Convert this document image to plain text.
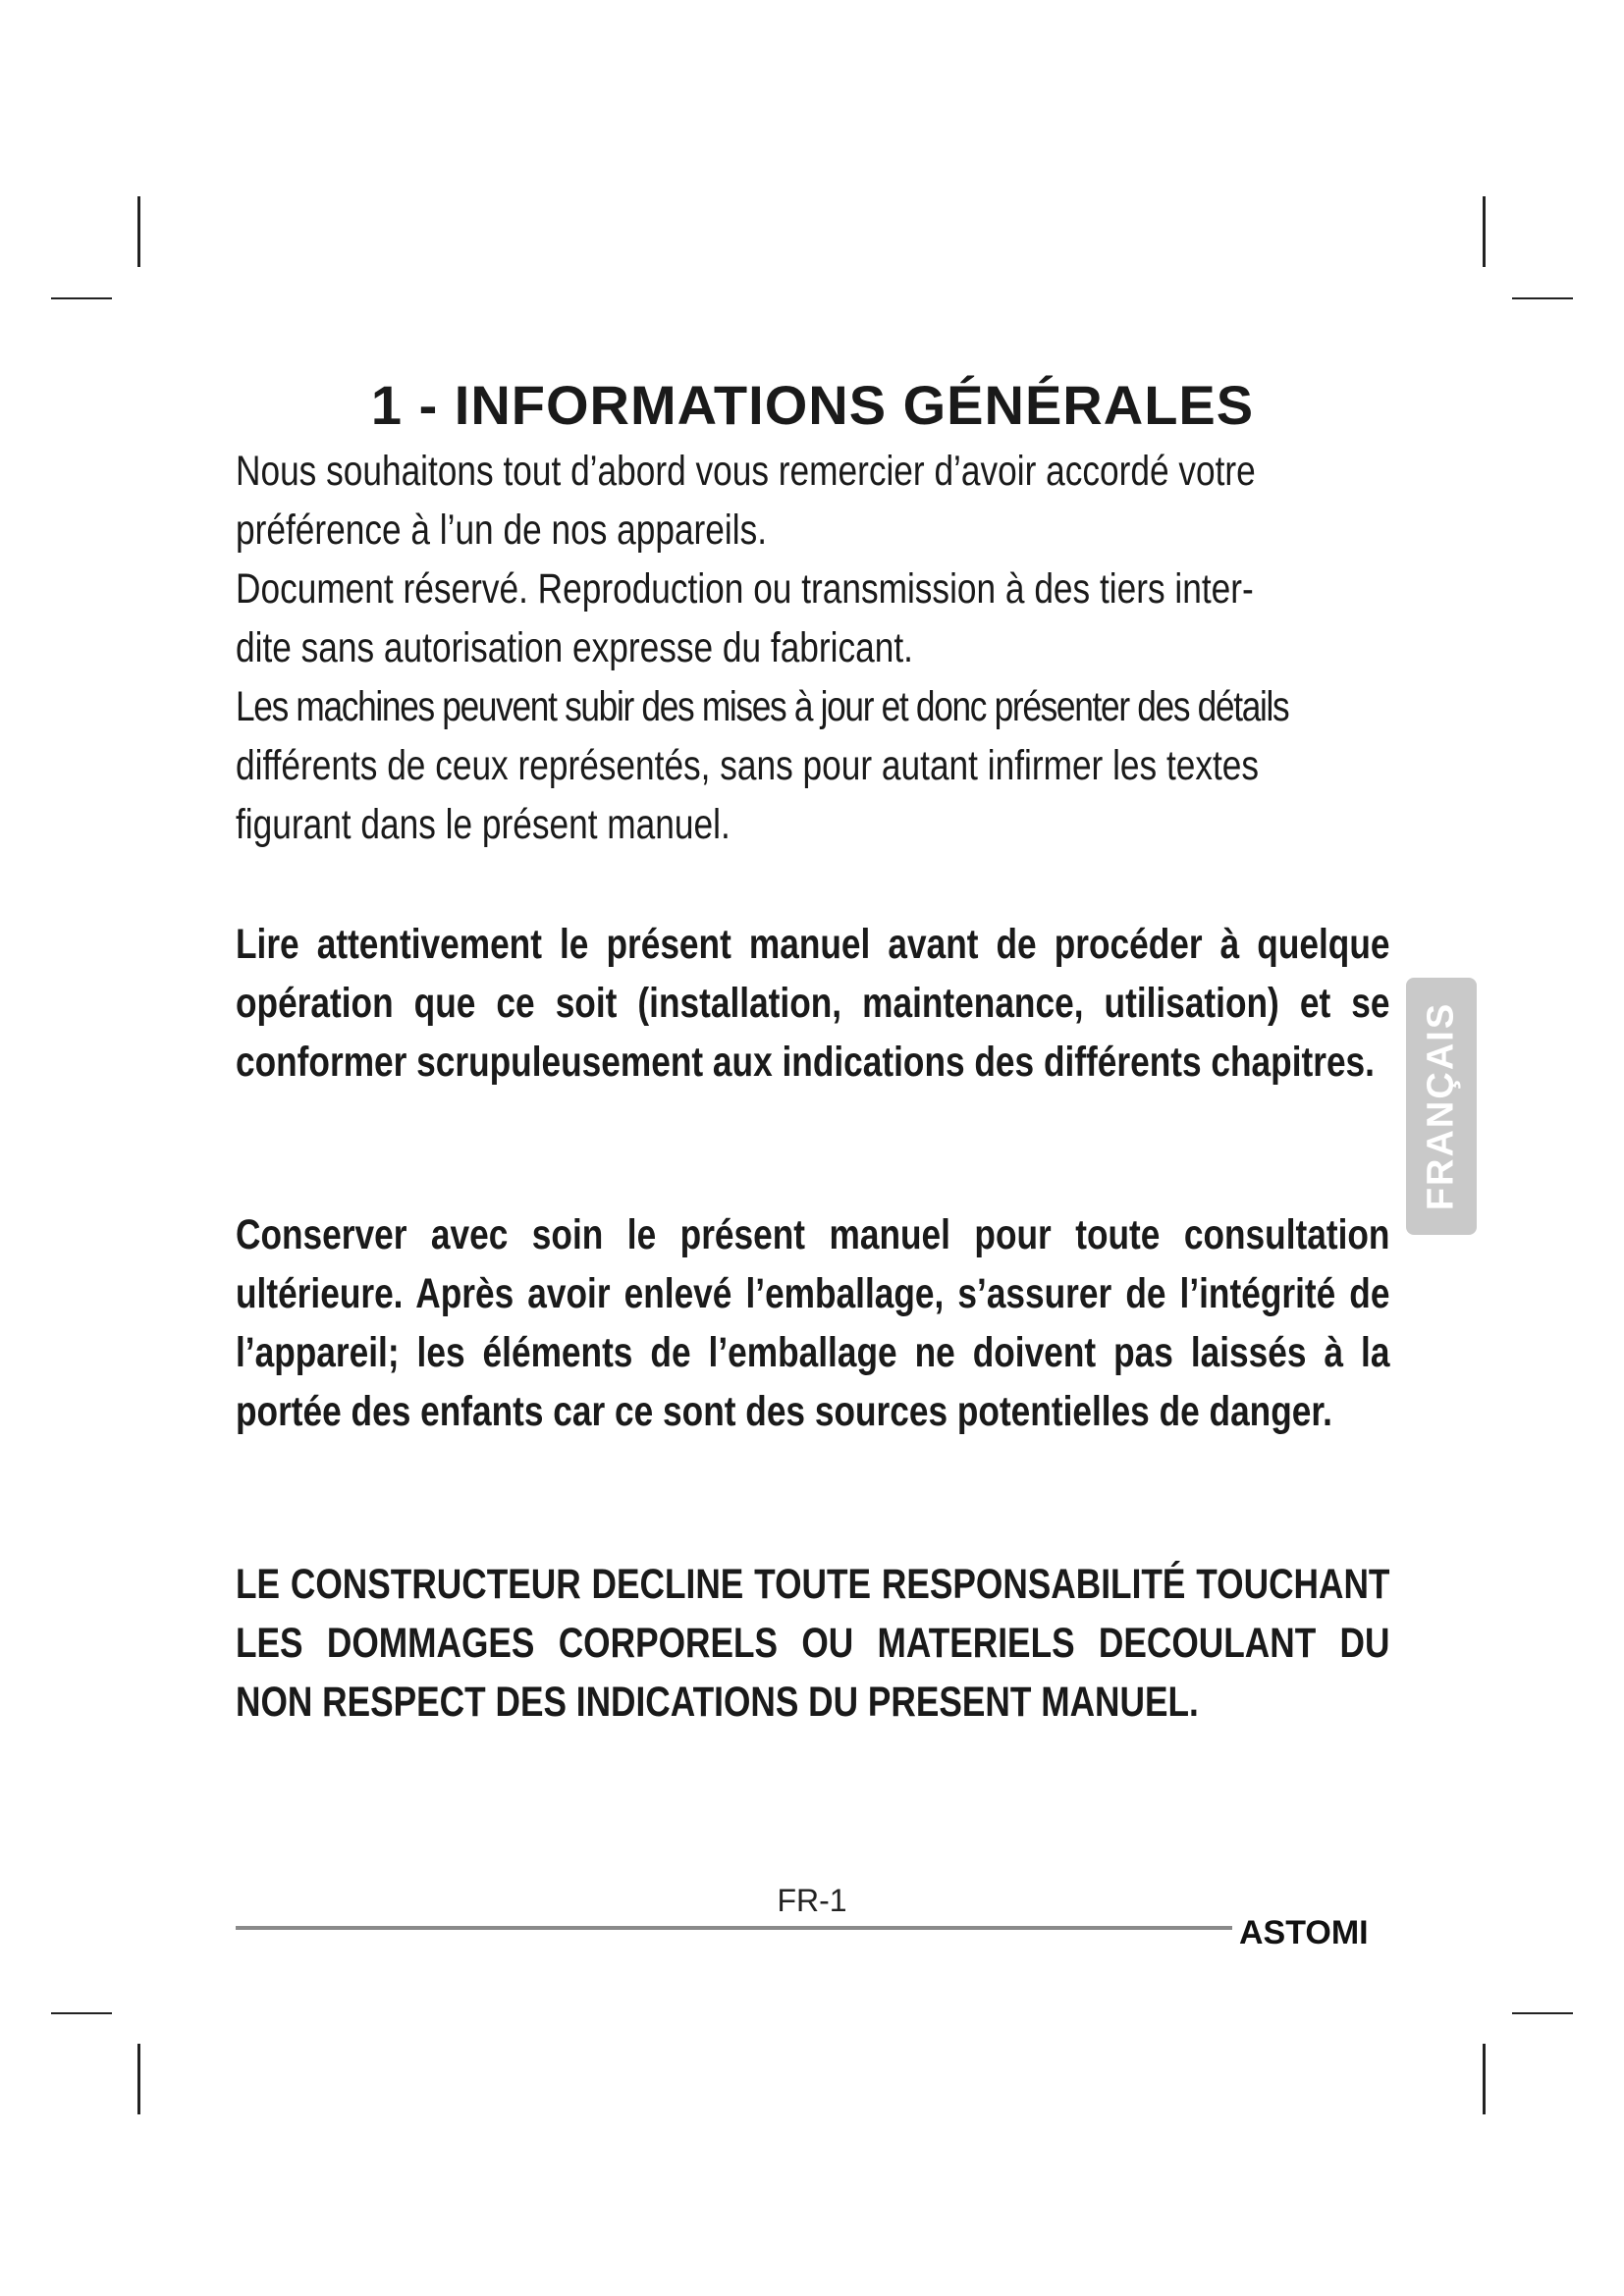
1 - INFORMATIONS GÉNÉRALES
Nous souhaitons tout d’abord vous remercier d’avoir accordé votre
préférence à l’un de nos appareils.
Document réservé. Reproduction ou transmission à des tiers inter-
dite sans autorisation expresse du fabricant.
Les machines peuvent subir des mises à jour et donc présenter des détails
différents de ceux représentés, sans pour autant infirmer les textes
figurant dans le présent manuel.

Lire attentivement le présent manuel avant de procéder à quelque opération que ce soit (installation, maintenance, utilisation) et se conformer scrupuleusement aux indications des différents chapitres.

Conserver avec soin le présent manuel pour toute consultation ultérieure. Après avoir enlevé l’emballage, s’assurer de l’intégrité de l’appareil; les éléments de l’emballage ne doivent pas laissés à la portée des enfants car ce sont des sources potentielles de danger.

LE CONSTRUCTEUR DECLINE TOUTE RESPONSABILITÉ TOUCHANT LES DOMMAGES CORPORELS OU MATERIELS DECOULANT DU NON RESPECT DES INDICATIONS DU PRESENT MANUEL.

FRANÇAIS
FR-1
ASTOMI
